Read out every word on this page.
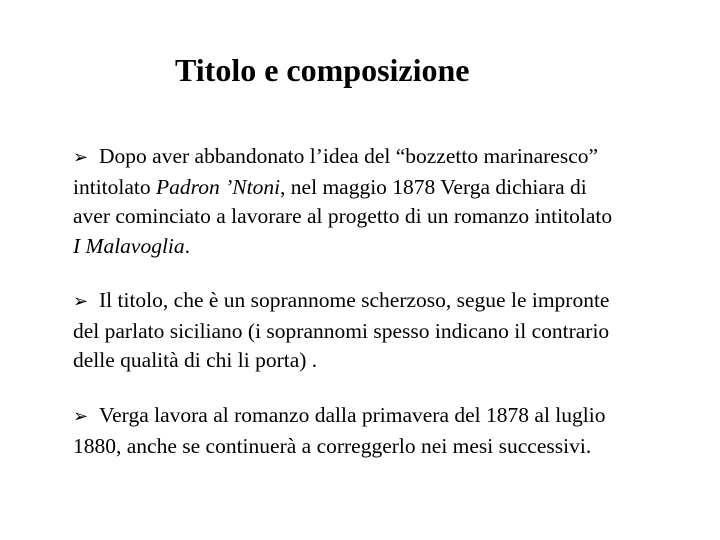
Titolo e composizione
➢ Dopo aver abbandonato l’idea del “bozzetto marinaresco”
intitolato Padron ’Ntoni, nel maggio 1878 Verga dichiara di
aver cominciato a lavorare al progetto di un romanzo intitolato
I Malavoglia.
➢ Il titolo, che è un soprannome scherzoso, segue le impronte
del parlato siciliano (i soprannomi spesso indicano il contrario
delle qualità di chi li porta) .
➢ Verga lavora al romanzo dalla primavera del 1878 al luglio
1880, anche se continuerà a correggerlo nei mesi successivi.
